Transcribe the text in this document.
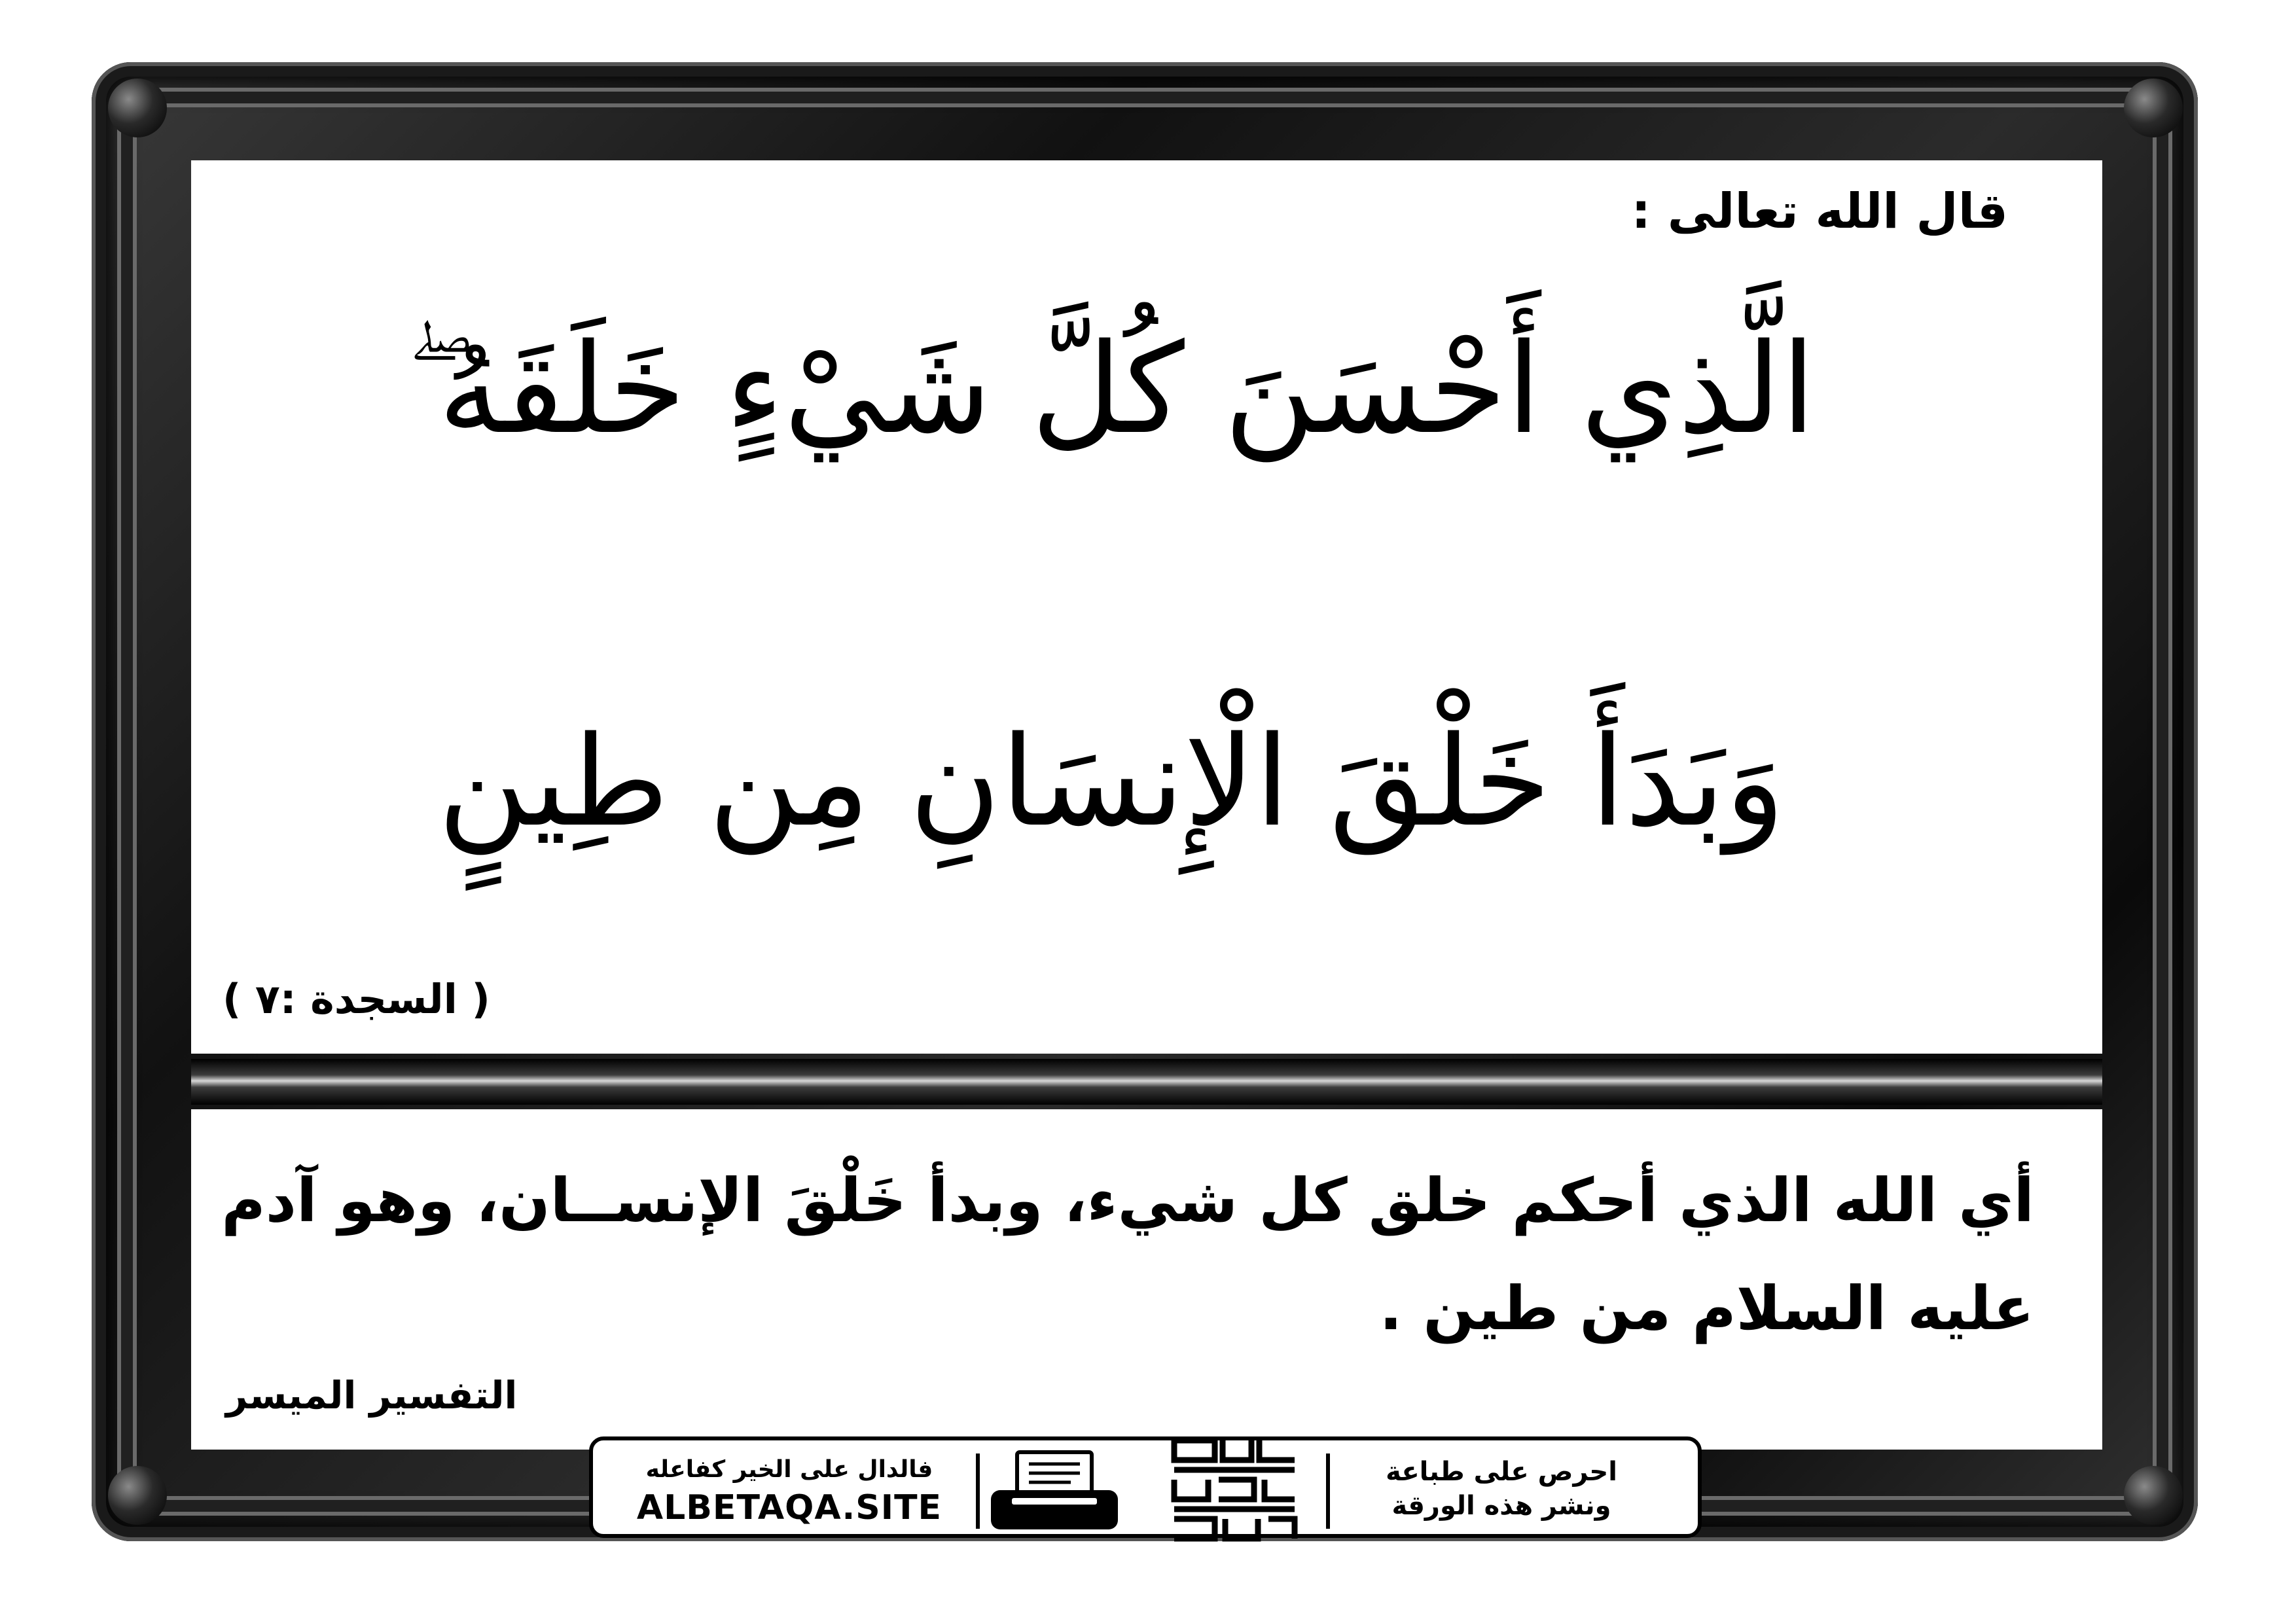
قال الله تعالى :
الَّذِي أَحْسَنَ كُلَّ شَيْءٍ خَلَقَهُ ۖ
وَبَدَأَ خَلْقَ الْإِنسَانِ مِن طِينٍ
( السجدة :٧ )
أي الله الذي أحكم خلق كل شيء، وبدأ خَلْقَ الإنســان، وهو آدم
عليه السلام من طين .
التفسير الميسر
فالدال على الخير كفاعله
ALBETAQA.SITE
احرص على طباعة
ونشر هذه الورقة
